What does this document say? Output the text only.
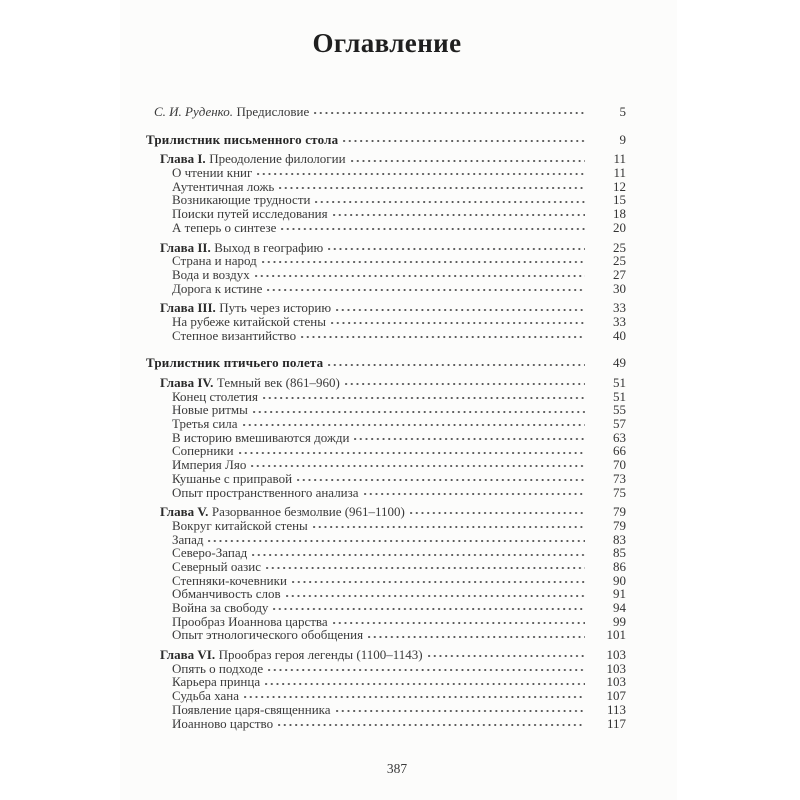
Оглавление
С. И. Руденко. Предисловие	5
Трилистник письменного стола	9
Глава I. Преодоление филологии	11
О чтении книг	11
Аутентичная ложь	12
Возникающие трудности	15
Поиски путей исследования	18
А теперь о синтезе	20
Глава II. Выход в географию	25
Страна и народ	25
Вода и воздух	27
Дорога к истине	30
Глава III. Путь через историю	33
На рубеже китайской стены	33
Степное византийство	40
Трилистник птичьего полета	49
Глава IV. Темный век (861–960)	51
Конец столетия	51
Новые ритмы	55
Третья сила	57
В историю вмешиваются дожди	63
Соперники	66
Империя Ляо	70
Кушанье с приправой	73
Опыт пространственного анализа	75
Глава V. Разорванное безмолвие (961–1100)	79
Вокруг китайской стены	79
Запад	83
Северо-Запад	85
Северный оазис	86
Степняки-кочевники	90
Обманчивость слов	91
Война за свободу	94
Прообраз Иоаннова царства	99
Опыт этнологического обобщения	101
Глава VI. Прообраз героя легенды (1100–1143)	103
Опять о подходе	103
Карьера принца	103
Судьба хана	107
Появление царя-священника	113
Иоанново царство	117
387
